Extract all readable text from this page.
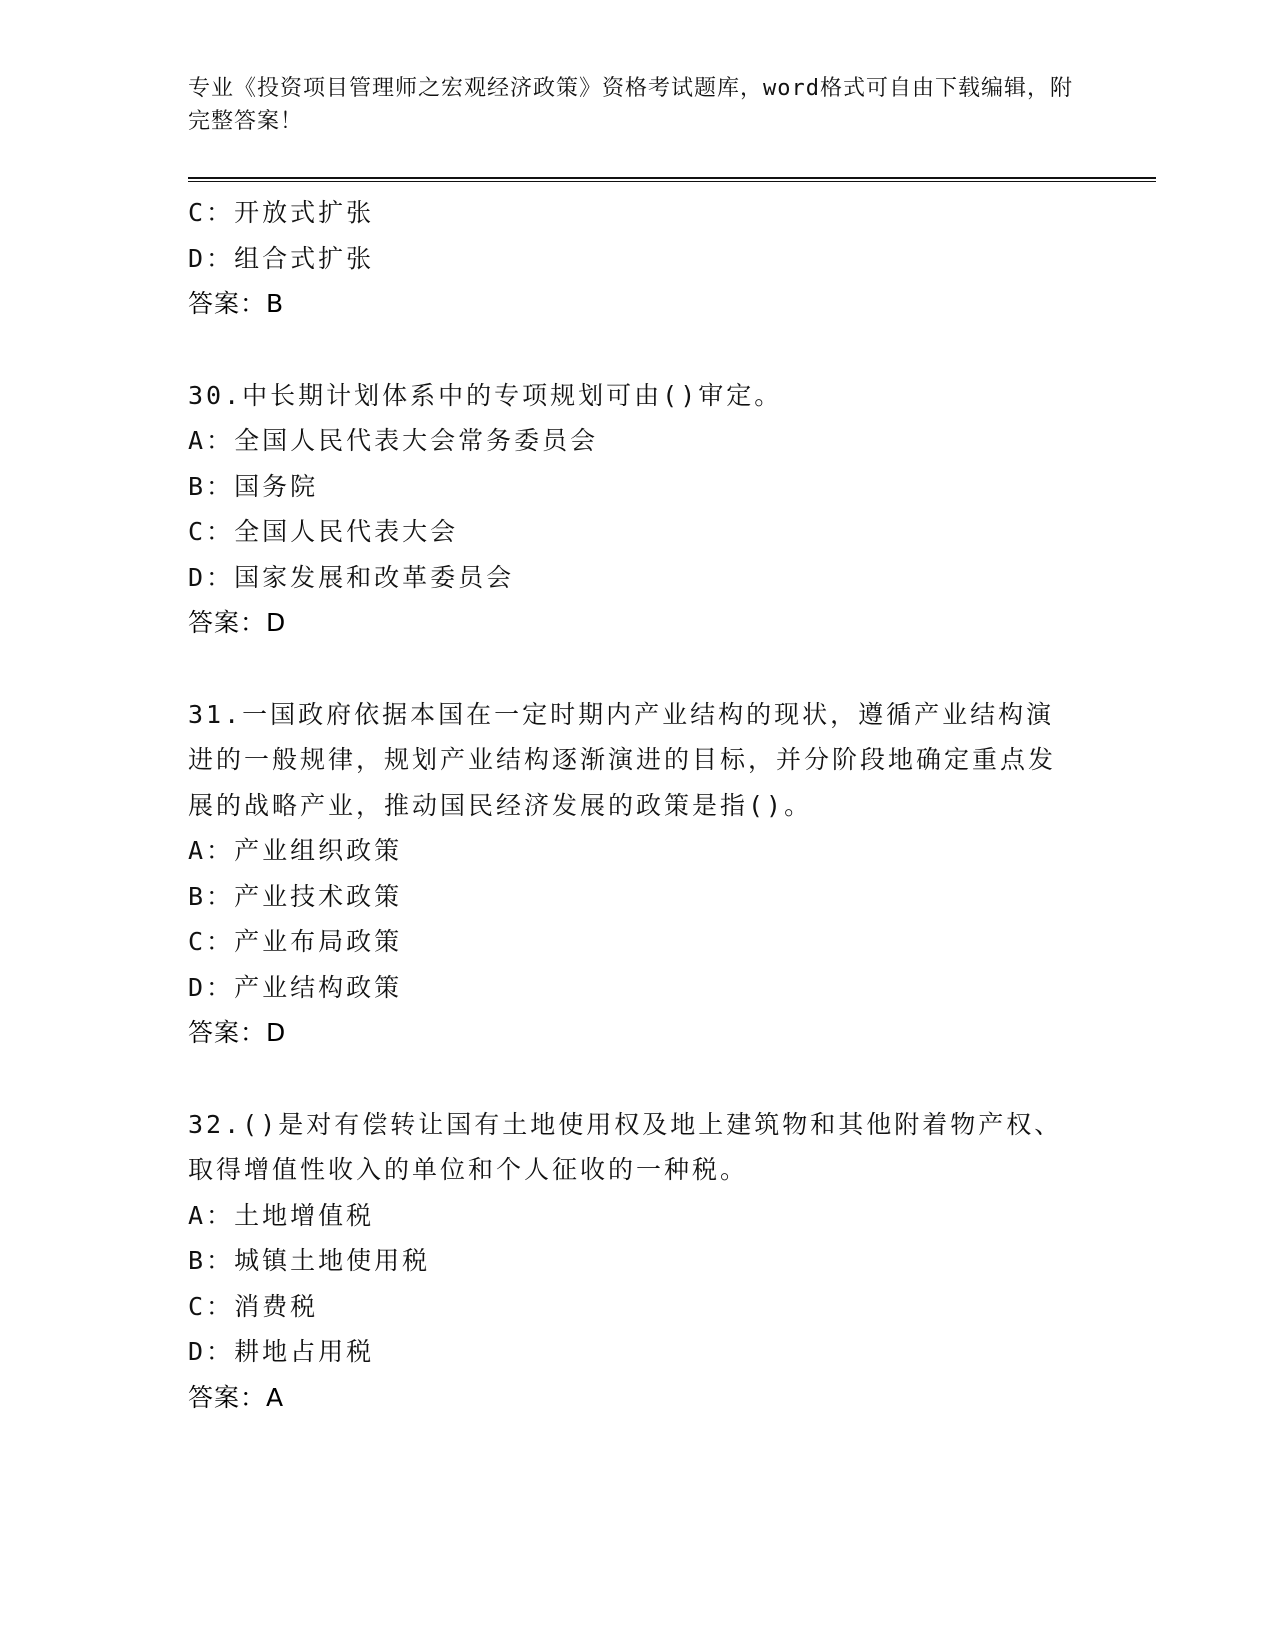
专业《投资项目管理师之宏观经济政策》资格考试题库，word格式可自由下载编辑，附完整答案！
C：开放式扩张
D：组合式扩张
答案：B
30.中长期计划体系中的专项规划可由()审定。
A：全国人民代表大会常务委员会
B：国务院
C：全国人民代表大会
D：国家发展和改革委员会
答案：D
31.一国政府依据本国在一定时期内产业结构的现状，遵循产业结构演进的一般规律，规划产业结构逐渐演进的目标，并分阶段地确定重点发展的战略产业，推动国民经济发展的政策是指()。
A：产业组织政策
B：产业技术政策
C：产业布局政策
D：产业结构政策
答案：D
32.()是对有偿转让国有土地使用权及地上建筑物和其他附着物产权、取得增值性收入的单位和个人征收的一种税。
A：土地增值税
B：城镇土地使用税
C：消费税
D：耕地占用税
答案：A
